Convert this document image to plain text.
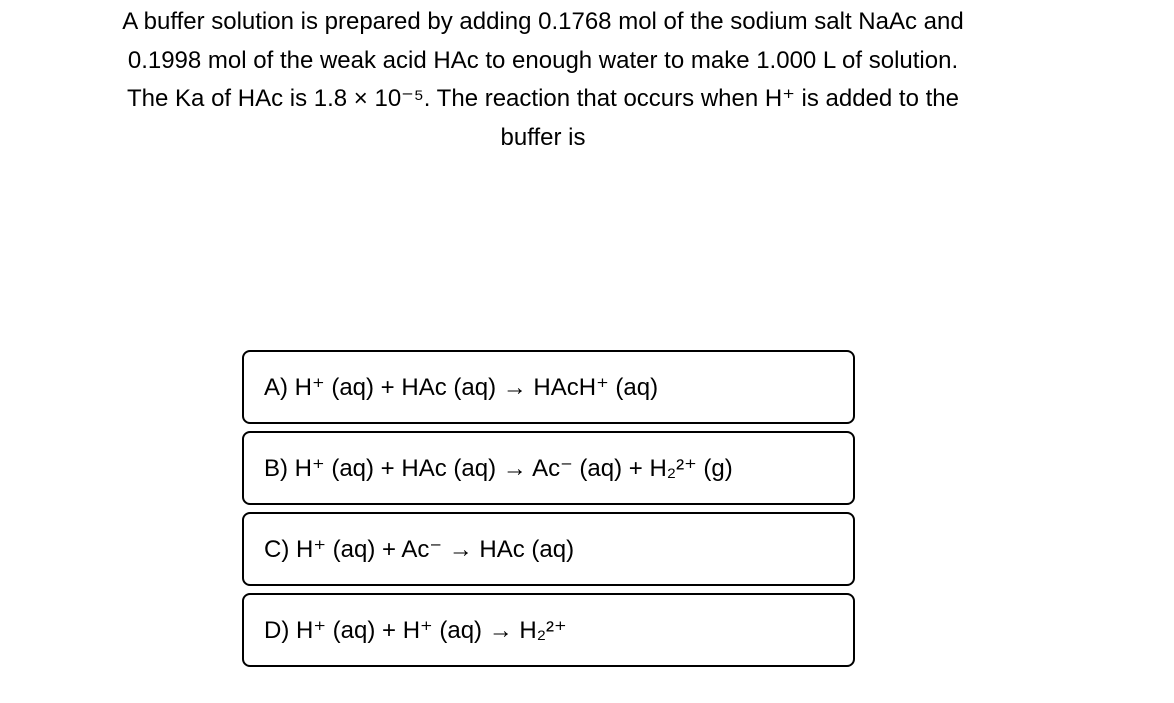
A buffer solution is prepared by adding 0.1768 mol of the sodium salt NaAc and
0.1998 mol of the weak acid HAc to enough water to make 1.000 L of solution.
The Ka of HAc is 1.8 × 10⁻⁵. The reaction that occurs when H⁺ is added to the
buffer is
A) H⁺ (aq) + HAc (aq) → HAcH⁺ (aq)
B) H⁺ (aq) + HAc (aq) → Ac⁻ (aq) + H₂²⁺ (g)
C) H⁺ (aq) + Ac⁻ → HAc (aq)
D) H⁺ (aq) + H⁺ (aq) → H₂²⁺
